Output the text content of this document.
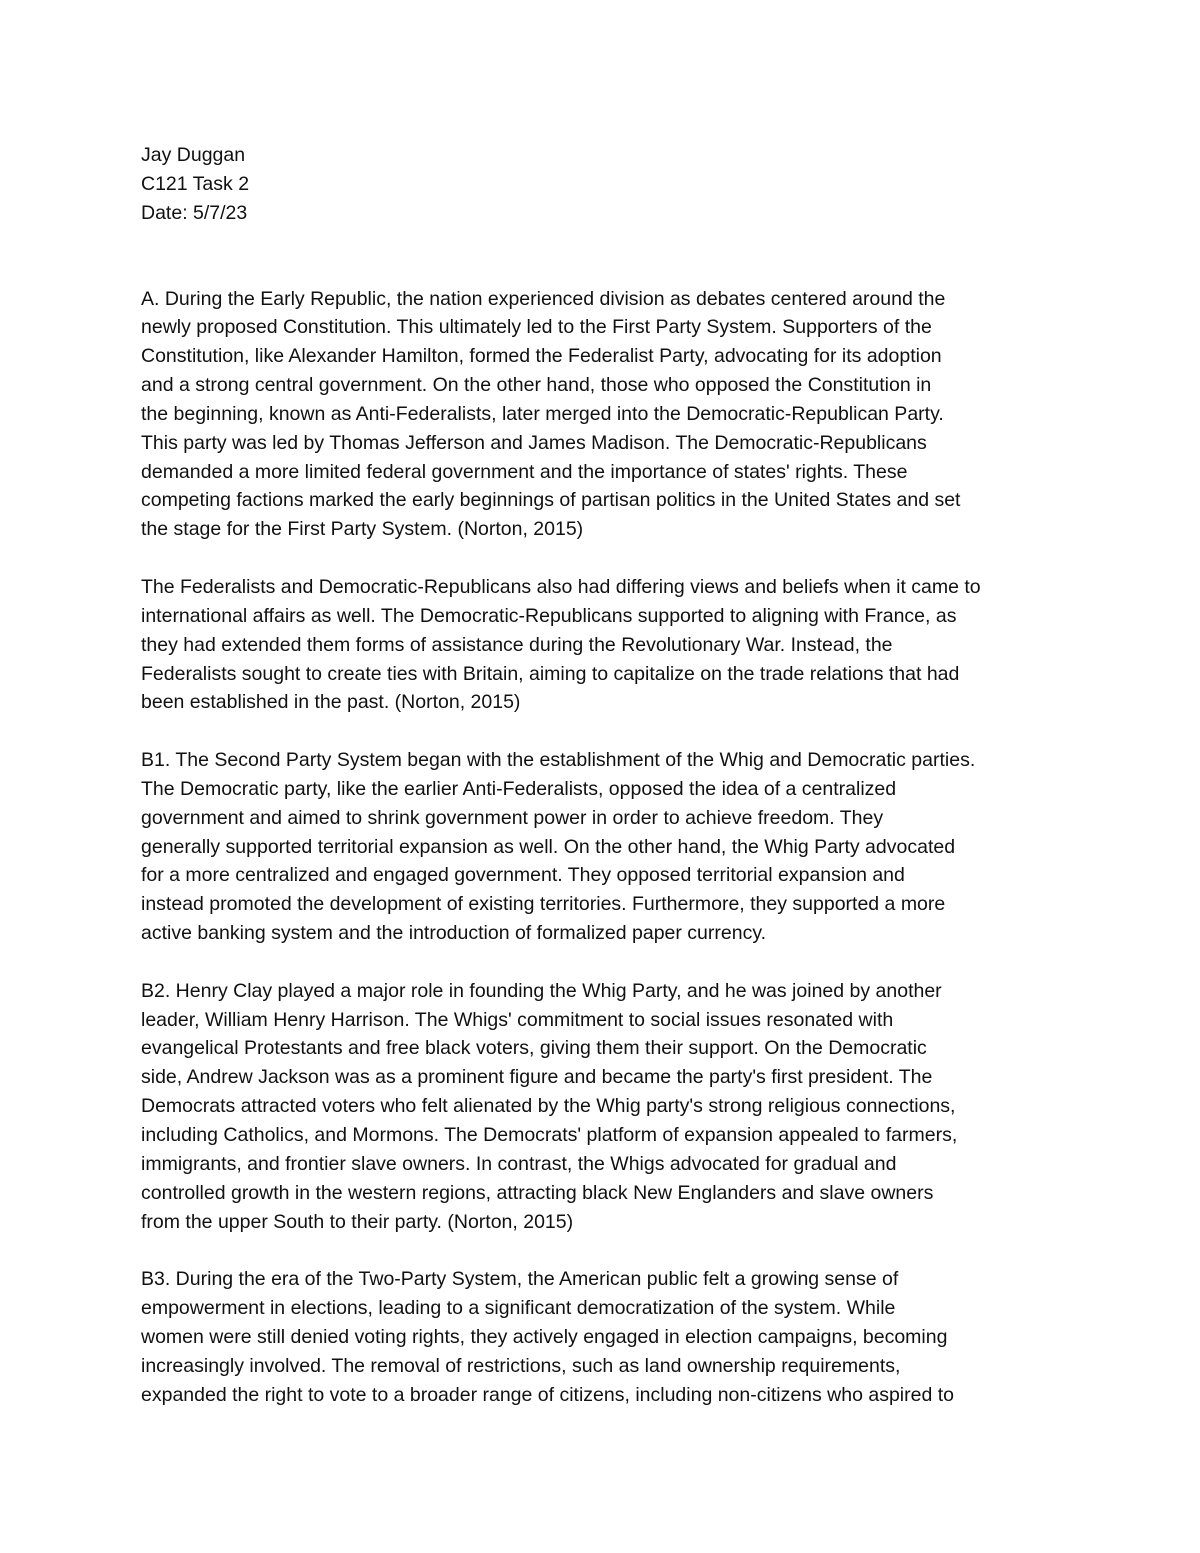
Jay Duggan
C121 Task 2
Date: 5/7/23
A. During the Early Republic, the nation experienced division as debates centered around the
newly proposed Constitution. This ultimately led to the First Party System. Supporters of the
Constitution, like Alexander Hamilton, formed the Federalist Party, advocating for its adoption
and a strong central government. On the other hand, those who opposed the Constitution in
the beginning, known as Anti-Federalists, later merged into the Democratic-Republican Party.
This party was led by Thomas Jefferson and James Madison. The Democratic-Republicans
demanded a more limited federal government and the importance of states' rights. These
competing factions marked the early beginnings of partisan politics in the United States and set
the stage for the First Party System. (Norton, 2015)
The Federalists and Democratic-Republicans also had differing views and beliefs when it came to
international affairs as well. The Democratic-Republicans supported to aligning with France, as
they had extended them forms of assistance during the Revolutionary War. Instead, the
Federalists sought to create ties with Britain, aiming to capitalize on the trade relations that had
been established in the past. (Norton, 2015)
B1. The Second Party System began with the establishment of the Whig and Democratic parties.
The Democratic party, like the earlier Anti-Federalists, opposed the idea of a centralized
government and aimed to shrink government power in order to achieve freedom. They
generally supported territorial expansion as well. On the other hand, the Whig Party advocated
for a more centralized and engaged government. They opposed territorial expansion and
instead promoted the development of existing territories. Furthermore, they supported a more
active banking system and the introduction of formalized paper currency.
B2. Henry Clay played a major role in founding the Whig Party, and he was joined by another
leader, William Henry Harrison. The Whigs' commitment to social issues resonated with
evangelical Protestants and free black voters, giving them their support. On the Democratic
side, Andrew Jackson was as a prominent figure and became the party's first president. The
Democrats attracted voters who felt alienated by the Whig party's strong religious connections,
including Catholics, and Mormons. The Democrats' platform of expansion appealed to farmers,
immigrants, and frontier slave owners. In contrast, the Whigs advocated for gradual and
controlled growth in the western regions, attracting black New Englanders and slave owners
from the upper South to their party. (Norton, 2015)
B3. During the era of the Two-Party System, the American public felt a growing sense of
empowerment in elections, leading to a significant democratization of the system. While
women were still denied voting rights, they actively engaged in election campaigns, becoming
increasingly involved. The removal of restrictions, such as land ownership requirements,
expanded the right to vote to a broader range of citizens, including non-citizens who aspired to
